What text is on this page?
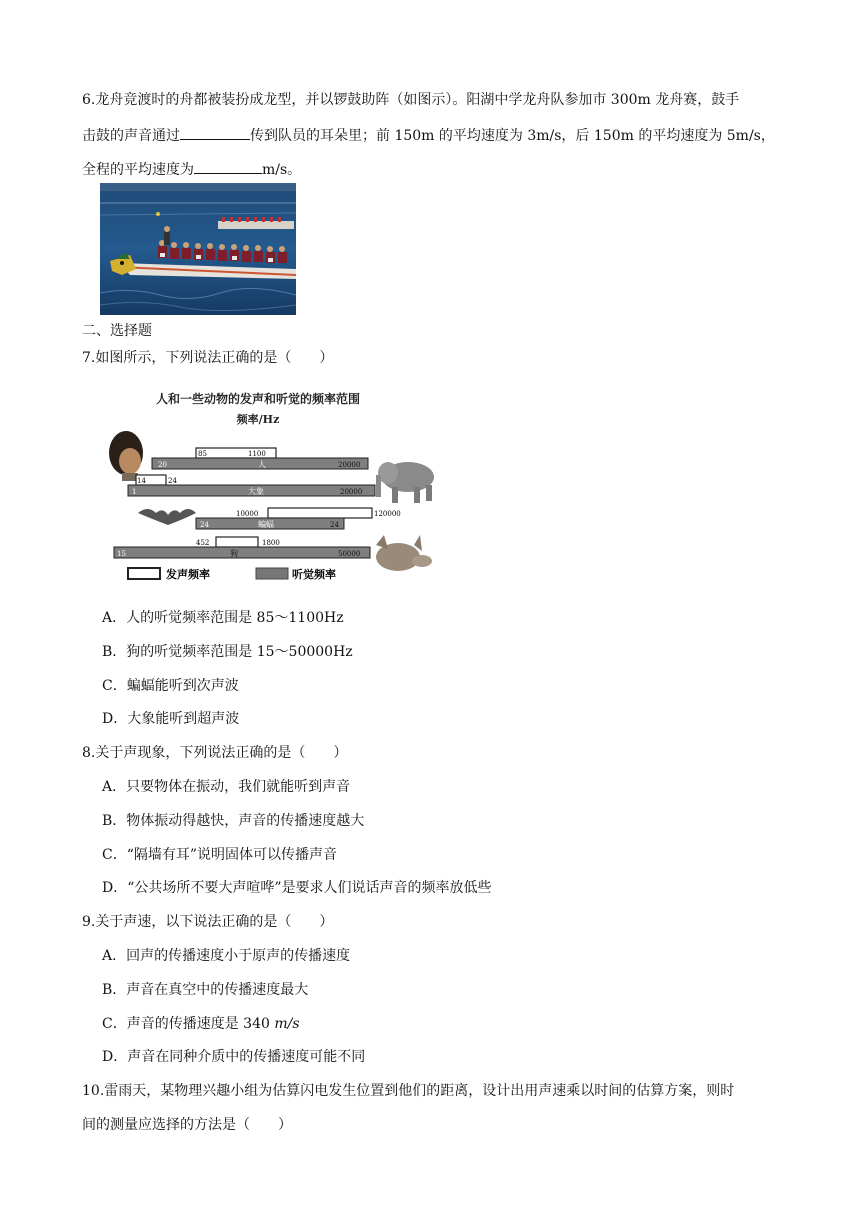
6.龙舟竞渡时的舟都被装扮成龙型，并以锣鼓助阵（如图示）。阳湖中学龙舟队参加市 300m 龙舟赛，鼓手
击鼓的声音通过	传到队员的耳朵里；前 150m 的平均速度为 3m/s，后 150m 的平均速度为 5m/s，
全程的平均速度为	m/s。
二、选择题
7.如图所示，下列说法正确的是（　　）
人和一些动物的发声和听觉的频率范围
频率/Hz
85	1100
20	人	20000
14	24
1	大象	20000
10000	120000
24	蝙蝠	24
452	1800
15	狗	50000
发声频率	听觉频率
A．人的听觉频率范围是 85～1100Hz
B．狗的听觉频率范围是 15～50000Hz
C．蝙蝠能听到次声波
D．大象能听到超声波
8.关于声现象，下列说法正确的是（　　）
A．只要物体在振动，我们就能听到声音
B．物体振动得越快，声音的传播速度越大
C．“隔墙有耳”说明固体可以传播声音
D．“公共场所不要大声喧哗”是要求人们说话声音的频率放低些
9.关于声速，以下说法正确的是（　　）
A．回声的传播速度小于原声的传播速度
B．声音在真空中的传播速度最大
C．声音的传播速度是 340 m/s
D．声音在同种介质中的传播速度可能不同
10.雷雨天，某物理兴趣小组为估算闪电发生位置到他们的距离，设计出用声速乘以时间的估算方案，则时
间的测量应选择的方法是（　　）
